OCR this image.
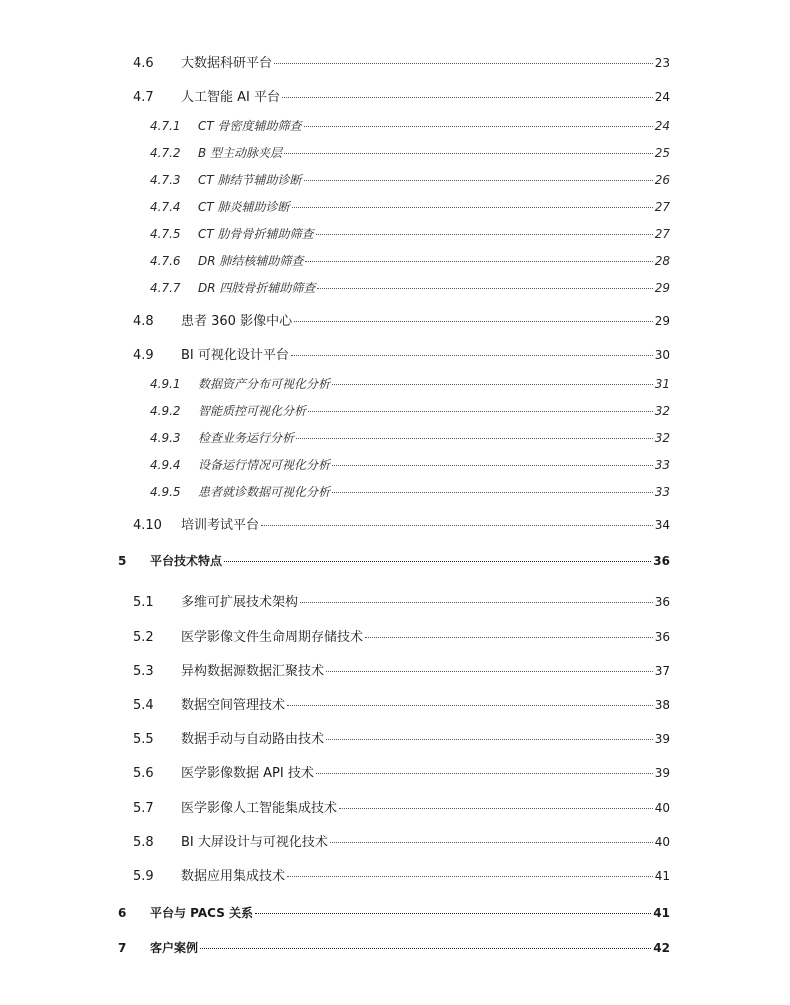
4.6	大数据科研平台	23
4.7	人工智能 AI 平台	24
4.7.1	CT 骨密度辅助筛查	24
4.7.2	B 型主动脉夹层	25
4.7.3	CT 肺结节辅助诊断	26
4.7.4	CT 肺炎辅助诊断	27
4.7.5	CT 肋骨骨折辅助筛查	27
4.7.6	DR 肺结核辅助筛查	28
4.7.7	DR 四肢骨折辅助筛查	29
4.8	患者 360 影像中心	29
4.9	BI 可视化设计平台	30
4.9.1	数据资产分布可视化分析	31
4.9.2	智能质控可视化分析	32
4.9.3	检查业务运行分析	32
4.9.4	设备运行情况可视化分析	33
4.9.5	患者就诊数据可视化分析	33
4.10	培训考试平台	34
5	平台技术特点	36
5.1	多维可扩展技术架构	36
5.2	医学影像文件生命周期存储技术	36
5.3	异构数据源数据汇聚技术	37
5.4	数据空间管理技术	38
5.5	数据手动与自动路由技术	39
5.6	医学影像数据 API 技术	39
5.7	医学影像人工智能集成技术	40
5.8	BI 大屏设计与可视化技术	40
5.9	数据应用集成技术	41
6	平台与 PACS 关系	41
7	客户案例	42
